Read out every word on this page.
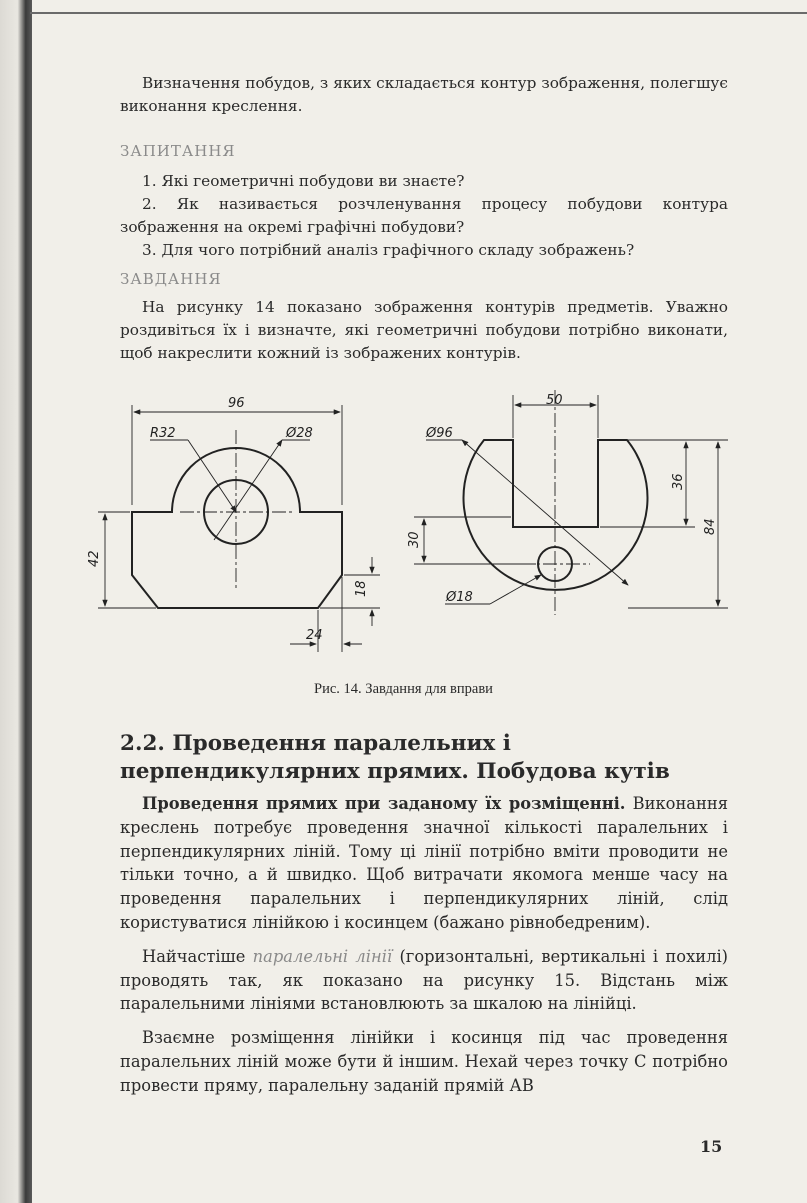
Визначення побудов, з яких складається контур зображення, полегшує виконання креслення.

ЗАПИТАННЯ
1. Які геометричні побудови ви знаєте?
2. Як називається розчленування процесу побудови контура зображення на окремі графічні побудови?
3. Для чого потрібний аналіз графічного складу зображень?
ЗАВДАННЯ

На рисунку 14 показано зображення контурів предметів. Уважно роздивіться їх і визначте, які геометричні побудови потрібно виконати, щоб накреслити кожний із зображених контурів.

96
R32	Ø28
42
18
24
50
Ø96
36
84
30
Ø18
Рис. 14. Завдання для вправи
2.2. Проведення паралельних і перпендикулярних прямих. Побудова кутів

Проведення прямих при заданому їх розміщенні. Виконання креслень потребує проведення значної кількості паралельних і перпендикулярних ліній. Тому ці лінії потрібно вміти проводити не тільки точно, а й швидко. Щоб витрачати якомога менше часу на проведення паралельних і перпендикулярних ліній, слід користуватися лінійкою і косинцем (бажано рівнобедреним).

Найчастіше паралельні лінії (горизонтальні, вертикальні і похилі) проводять так, як показано на рисунку 15. Відстань між паралельними лініями встановлюють за шкалою на лінійці.

Взаємне розміщення лінійки і косинця під час проведення паралельних ліній може бути й іншим. Нехай через точку С потрібно провести пряму, паралельну заданій прямій АВ

15
